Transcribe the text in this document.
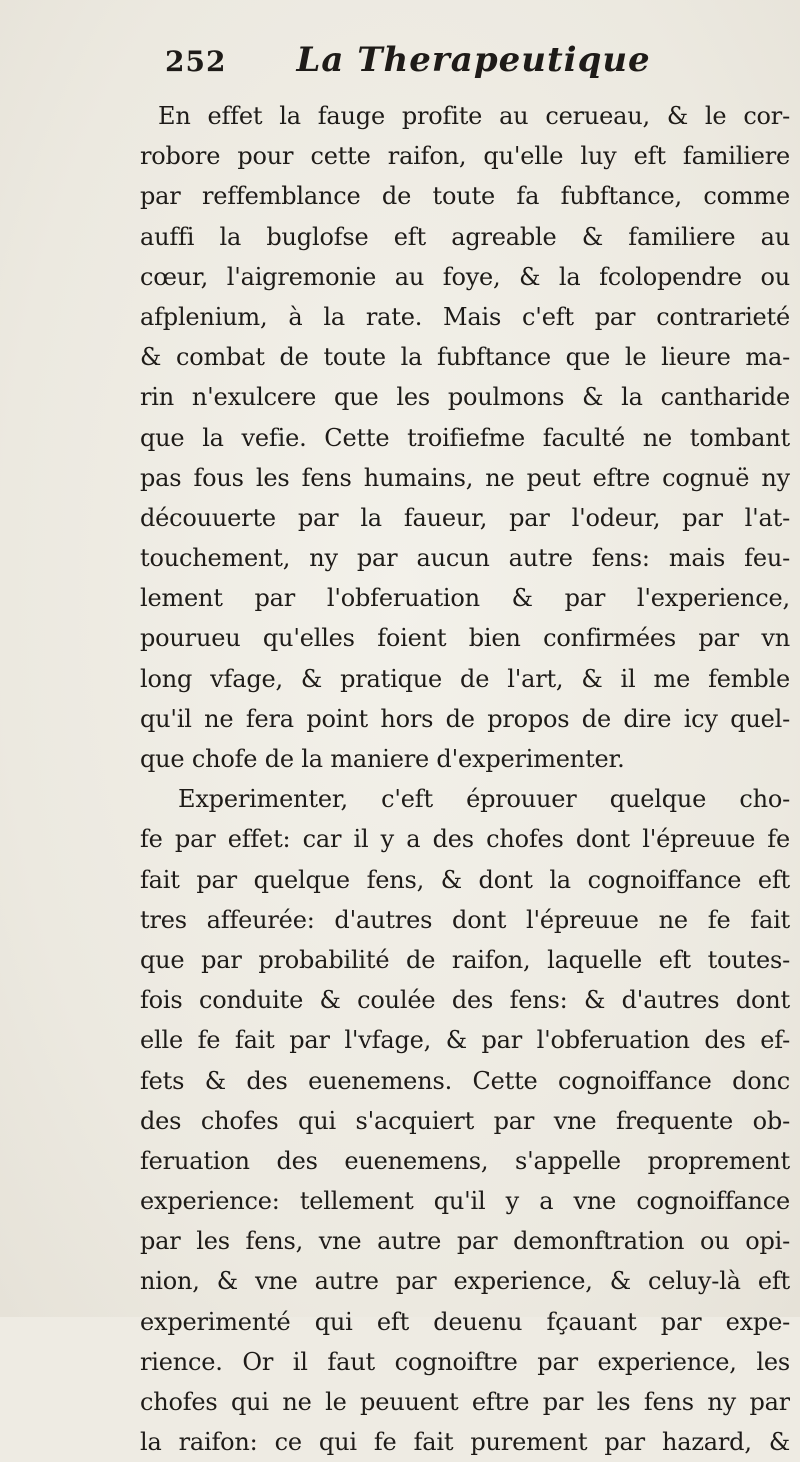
252 La Therapeutique
En effet la fauge profite au cerueau, & le cor-
robore pour cette raifon, qu'elle luy eft familiere
par reffemblance de toute fa fubftance, comme
auffi la buglofse eft agreable & familiere au
cœur, l'aigremonie au foye, & la fcolopendre ou
afplenium, à la rate. Mais c'eft par contrarieté
& combat de toute la fubftance que le lieure ma-
rin n'exulcere que les poulmons & la cantharide
que la vefie. Cette troifiefme faculté ne tombant
pas fous les fens humains, ne peut eftre cognuë ny
découuerte par la faueur, par l'odeur, par l'at-
touchement, ny par aucun autre fens: mais feu-
lement par l'obferuation & par l'experience,
pourueu qu'elles foient bien confirmées par vn
long vfage, & pratique de l'art, & il me femble
qu'il ne fera point hors de propos de dire icy quel-
que chofe de la maniere d'experimenter.
Experimenter, c'eft éprouuer quelque cho-
fe par effet: car il y a des chofes dont l'épreuue fe
fait par quelque fens, & dont la cognoiffance eft
tres affeurée: d'autres dont l'épreuue ne fe fait
que par probabilité de raifon, laquelle eft toutes-
fois conduite & coulée des fens: & d'autres dont
elle fe fait par l'vfage, & par l'obferuation des ef-
fets & des euenemens. Cette cognoiffance donc
des chofes qui s'acquiert par vne frequente ob-
feruation des euenemens, s'appelle proprement
experience: tellement qu'il y a vne cognoiffance
par les fens, vne autre par demonftration ou opi-
nion, & vne autre par experience, & celuy-là eft
experimenté qui eft deuenu fçauant par expe-
rience. Or il faut cognoiftre par experience, les
chofes qui ne le peuuent eftre par les fens ny par
la raifon: ce qui fe fait purement par hazard, &
